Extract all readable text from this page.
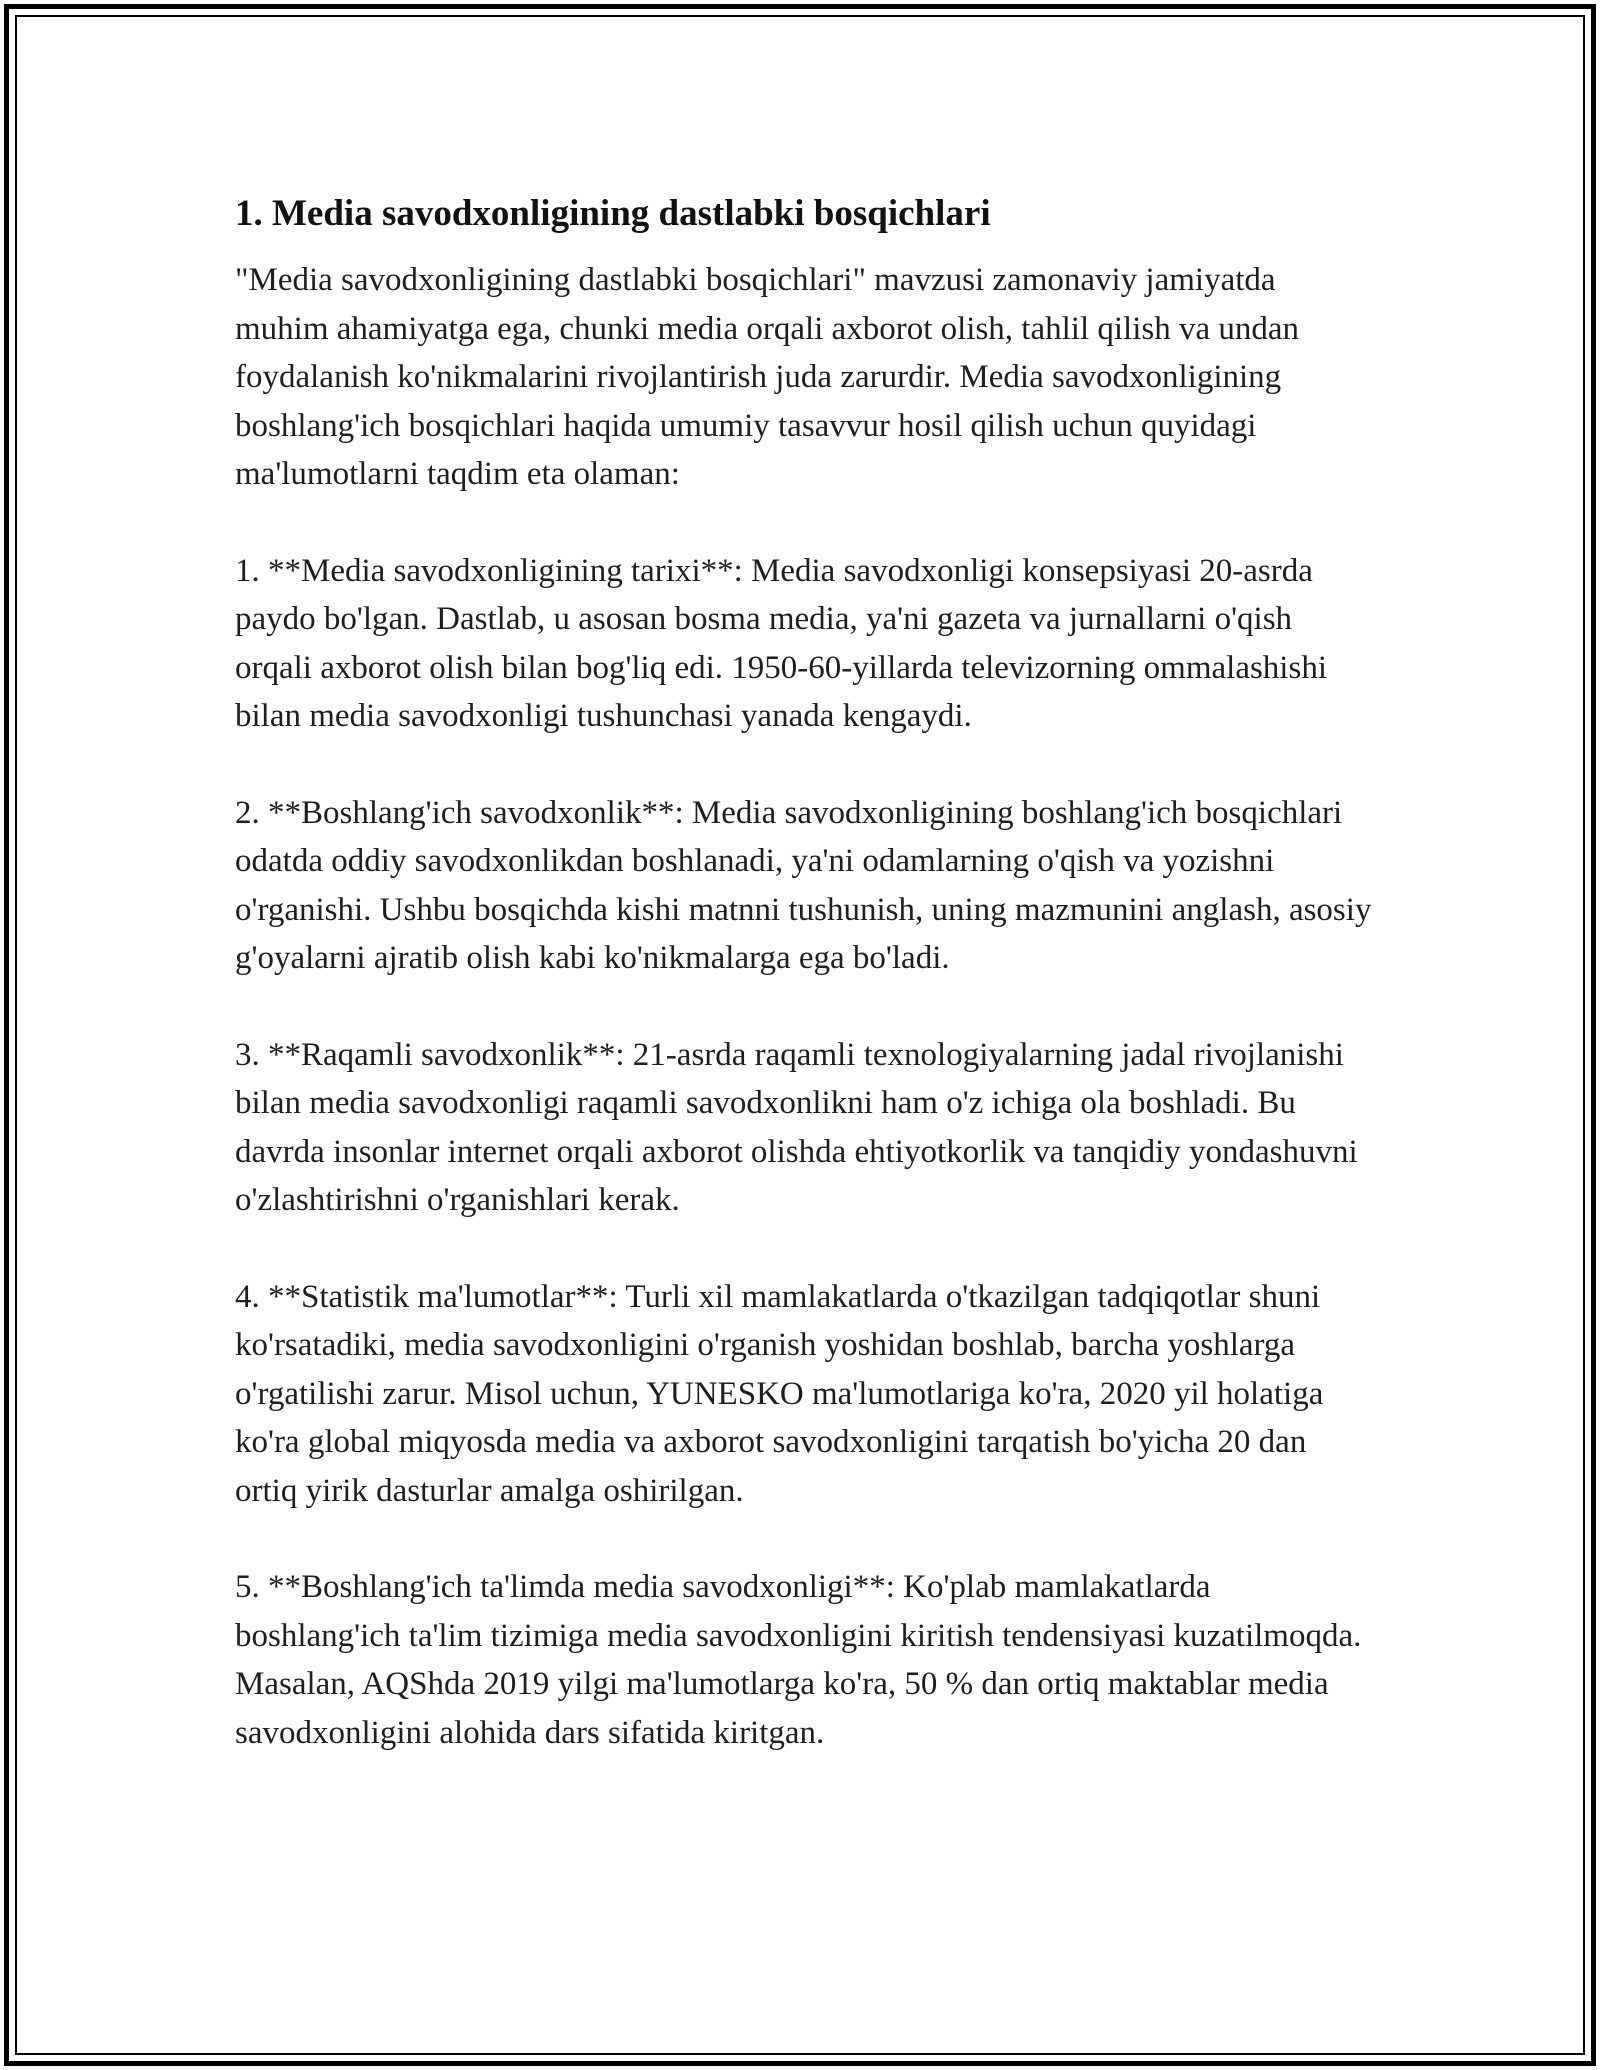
1. Media savodxonligining dastlabki bosqichlari

"Media savodxonligining dastlabki bosqichlari" mavzusi zamonaviy jamiyatda muhim ahamiyatga ega, chunki media orqali axborot olish, tahlil qilish va undan foydalanish ko'nikmalarini rivojlantirish juda zarurdir. Media savodxonligining boshlang'ich bosqichlari haqida umumiy tasavvur hosil qilish uchun quyidagi ma'lumotlarni taqdim eta olaman:

1. **Media savodxonligining tarixi**: Media savodxonligi konsepsiyasi 20-asrda paydo bo'lgan. Dastlab, u asosan bosma media, ya'ni gazeta va jurnallarni o'qish orqali axborot olish bilan bog'liq edi. 1950-60-yillarda televizorning ommalashishi bilan media savodxonligi tushunchasi yanada kengaydi.

2. **Boshlang'ich savodxonlik**: Media savodxonligining boshlang'ich bosqichlari odatda oddiy savodxonlikdan boshlanadi, ya'ni odamlarning o'qish va yozishni o'rganishi. Ushbu bosqichda kishi matnni tushunish, uning mazmunini anglash, asosiy g'oyalarni ajratib olish kabi ko'nikmalarga ega bo'ladi.

3. **Raqamli savodxonlik**: 21-asrda raqamli texnologiyalarning jadal rivojlanishi bilan media savodxonligi raqamli savodxonlikni ham o'z ichiga ola boshladi. Bu davrda insonlar internet orqali axborot olishda ehtiyotkorlik va tanqidiy yondashuvni o'zlashtirishni o'rganishlari kerak.

4. **Statistik ma'lumotlar**: Turli xil mamlakatlarda o'tkazilgan tadqiqotlar shuni ko'rsatadiki, media savodxonligini o'rganish yoshidan boshlab, barcha yoshlarga o'rgatilishi zarur. Misol uchun, YUNESKO ma'lumotlariga ko'ra, 2020 yil holatiga ko'ra global miqyosda media va axborot savodxonligini tarqatish bo'yicha 20 dan ortiq yirik dasturlar amalga oshirilgan.

5. **Boshlang'ich ta'limda media savodxonligi**: Ko'plab mamlakatlarda boshlang'ich ta'lim tizimiga media savodxonligini kiritish tendensiyasi kuzatilmoqda. Masalan, AQShda 2019 yilgi ma'lumotlarga ko'ra, 50 % dan ortiq maktablar media savodxonligini alohida dars sifatida kiritgan.
